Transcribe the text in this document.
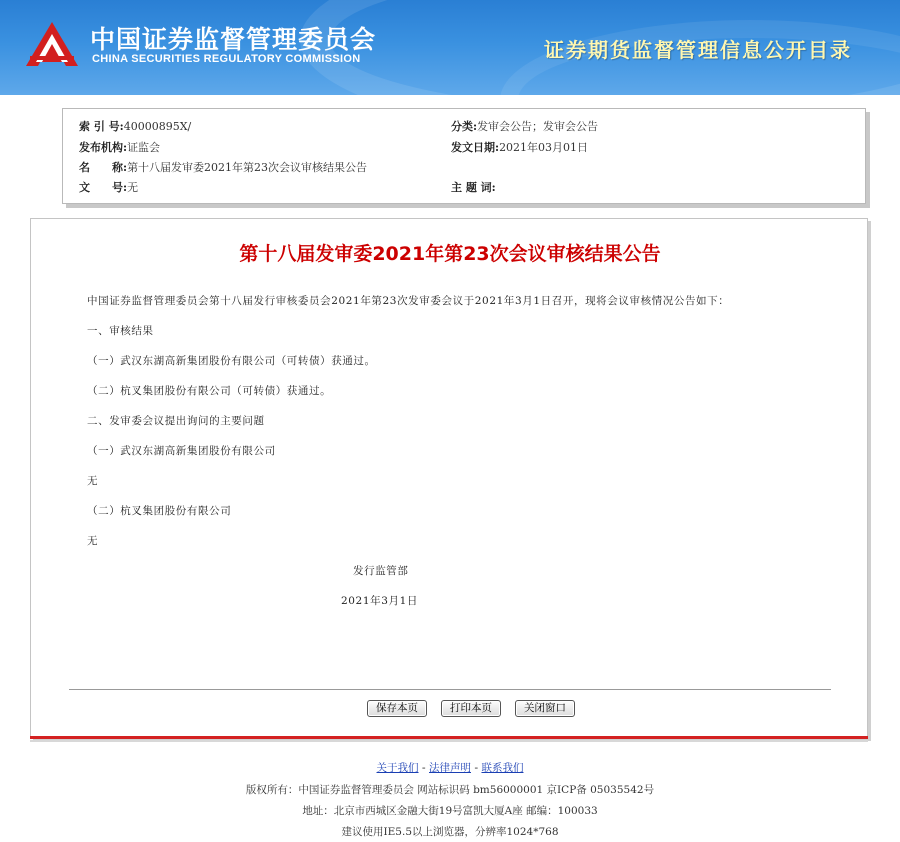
中国证券监督管理委员会
CHINA SECURITIES REGULATORY COMMISSION	证券期货监督管理信息公开目录
索 引 号:40000895X/	分类:发审会公告；发审会公告
发布机构:证监会	发文日期:2021年03月01日
名　　称:第十八届发审委2021年第23次会议审核结果公告
文　　号:无	主 题 词:
第十八届发审委2021年第23次会议审核结果公告
中国证券监督管理委员会第十八届发行审核委员会2021年第23次发审委会议于2021年3月1日召开，现将会议审核情况公告如下：
一、审核结果
（一）武汉东湖高新集团股份有限公司（可转债）获通过。
（二）杭叉集团股份有限公司（可转债）获通过。
二、发审委会议提出询问的主要问题
（一）武汉东湖高新集团股份有限公司
无
（二）杭叉集团股份有限公司
无
发行监管部
2021年3月1日
保存本页	打印本页	关闭窗口
关于我们 - 法律声明 - 联系我们
版权所有：中国证券监督管理委员会 网站标识码 bm56000001 京ICP备 05035542号
地址：北京市西城区金融大街19号富凯大厦A座 邮编：100033
建议使用IE5.5以上浏览器，分辨率1024*768
